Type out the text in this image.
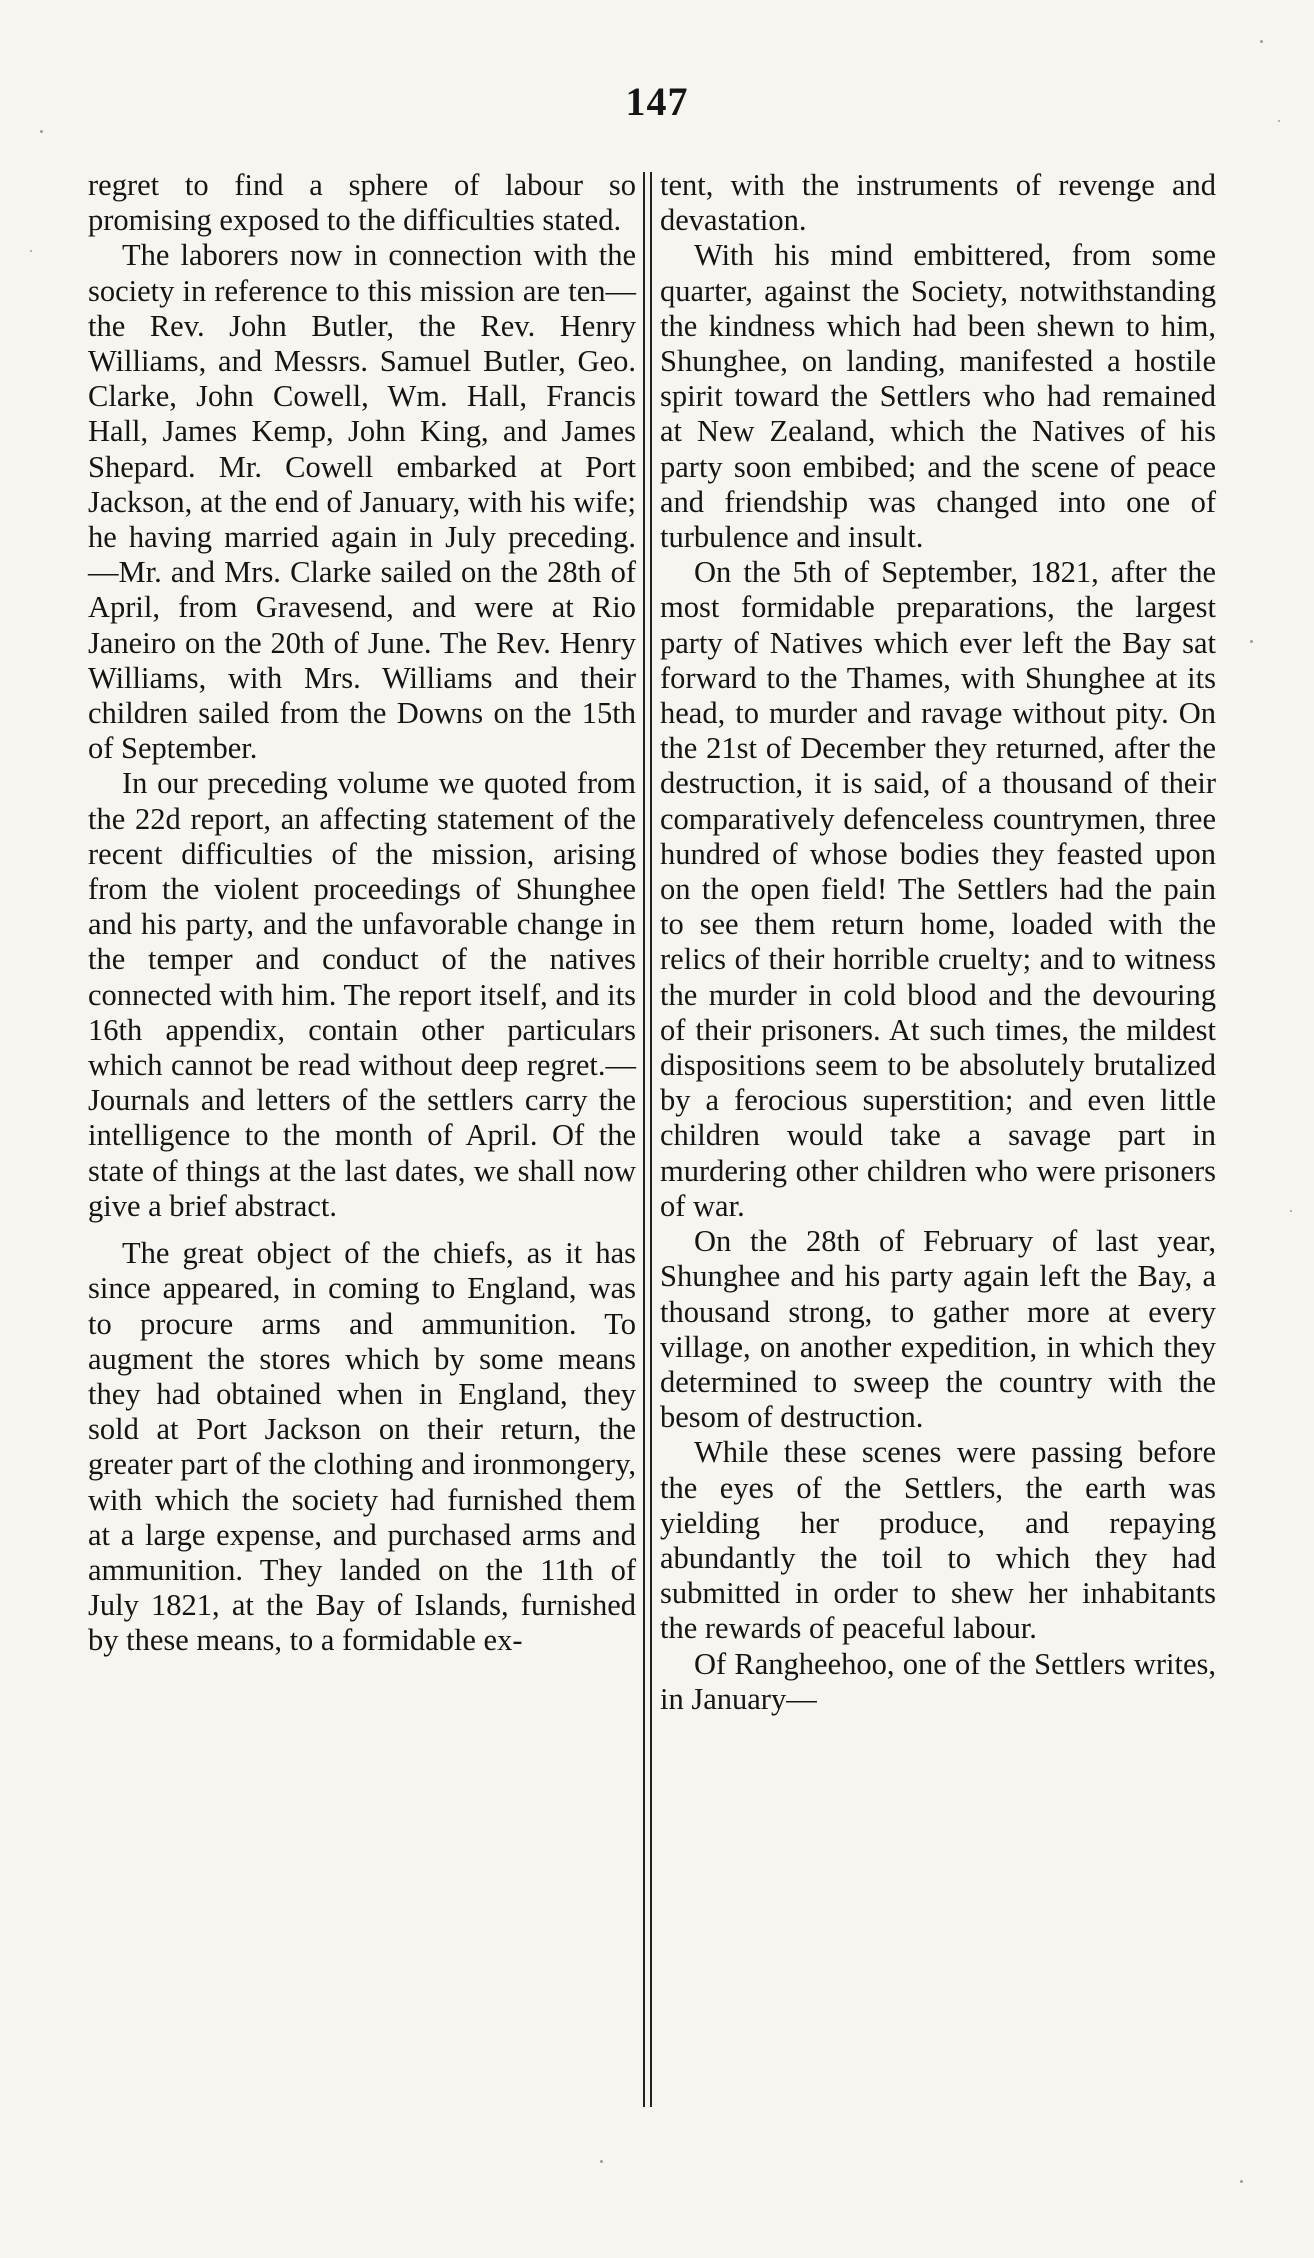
147

regret to find a sphere of labour so promising exposed to the difficulties stated.

The laborers now in connection with the society in reference to this mission are ten—the Rev. John Butler, the Rev. Henry Williams, and Messrs. Samuel Butler, Geo. Clarke, John Cowell, Wm. Hall, Francis Hall, James Kemp, John King, and James Shepard. Mr. Cowell embarked at Port Jackson, at the end of January, with his wife; he having married again in July preceding.—Mr. and Mrs. Clarke sailed on the 28th of April, from Gravesend, and were at Rio Janeiro on the 20th of June. The Rev. Henry Williams, with Mrs. Williams and their children sailed from the Downs on the 15th of September.

In our preceding volume we quoted from the 22d report, an affecting statement of the recent difficulties of the mission, arising from the violent proceedings of Shunghee and his party, and the unfavorable change in the temper and conduct of the natives connected with him. The report itself, and its 16th appendix, contain other particulars which cannot be read without deep regret.—Journals and letters of the settlers carry the intelligence to the month of April. Of the state of things at the last dates, we shall now give a brief abstract.

The great object of the chiefs, as it has since appeared, in coming to England, was to procure arms and ammunition. To augment the stores which by some means they had obtained when in England, they sold at Port Jackson on their return, the greater part of the clothing and ironmongery, with which the society had furnished them at a large expense, and purchased arms and ammunition. They landed on the 11th of July 1821, at the Bay of Islands, furnished by these means, to a formidable ex-

tent, with the instruments of revenge and devastation.

With his mind embittered, from some quarter, against the Society, notwithstanding the kindness which had been shewn to him, Shunghee, on landing, manifested a hostile spirit toward the Settlers who had remained at New Zealand, which the Natives of his party soon embibed; and the scene of peace and friendship was changed into one of turbulence and insult.

On the 5th of September, 1821, after the most formidable preparations, the largest party of Natives which ever left the Bay sat forward to the Thames, with Shunghee at its head, to murder and ravage without pity. On the 21st of December they returned, after the destruction, it is said, of a thousand of their comparatively defenceless countrymen, three hundred of whose bodies they feasted upon on the open field! The Settlers had the pain to see them return home, loaded with the relics of their horrible cruelty; and to witness the murder in cold blood and the devouring of their prisoners. At such times, the mildest dispositions seem to be absolutely brutalized by a ferocious superstition; and even little children would take a savage part in murdering other children who were prisoners of war.

On the 28th of February of last year, Shunghee and his party again left the Bay, a thousand strong, to gather more at every village, on another expedition, in which they determined to sweep the country with the besom of destruction.

While these scenes were passing before the eyes of the Settlers, the earth was yielding her produce, and repaying abundantly the toil to which they had submitted in order to shew her inhabitants the rewards of peaceful labour.

Of Rangheehoo, one of the Settlers writes, in January—
